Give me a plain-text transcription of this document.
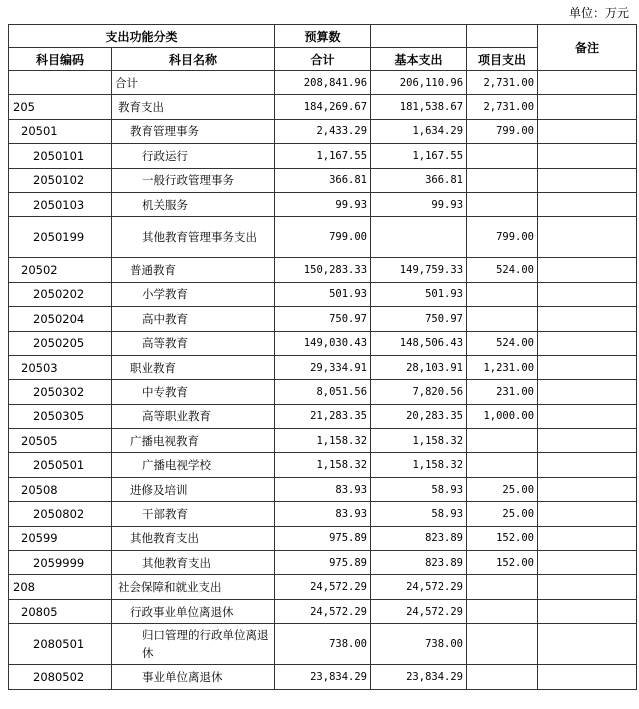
单位：万元
支出功能分类		预算数			备注
科目编码	科目名称	合计	基本支出	项目支出	
	合计	208,841.96	206,110.96	2,731.00	
205	教育支出	184,269.67	181,538.67	2,731.00	
20501	教育管理事务	2,433.29	1,634.29	799.00	
2050101	行政运行	1,167.55	1,167.55		
2050102	一般行政管理事务	366.81	366.81		
2050103	机关服务	99.93	99.93		
2050199	其他教育管理事务支出	799.00		799.00	
20502	普通教育	150,283.33	149,759.33	524.00	
2050202	小学教育	501.93	501.93		
2050204	高中教育	750.97	750.97		
2050205	高等教育	149,030.43	148,506.43	524.00	
20503	职业教育	29,334.91	28,103.91	1,231.00	
2050302	中专教育	8,051.56	7,820.56	231.00	
2050305	高等职业教育	21,283.35	20,283.35	1,000.00	
20505	广播电视教育	1,158.32	1,158.32		
2050501	广播电视学校	1,158.32	1,158.32		
20508	进修及培训	83.93	58.93	25.00	
2050802	干部教育	83.93	58.93	25.00	
20599	其他教育支出	975.89	823.89	152.00	
2059999	其他教育支出	975.89	823.89	152.00	
208	社会保障和就业支出	24,572.29	24,572.29		
20805	行政事业单位离退休	24,572.29	24,572.29		
2080501	归口管理的行政单位离退休	738.00	738.00		
2080502	事业单位离退休	23,834.29	23,834.29		
